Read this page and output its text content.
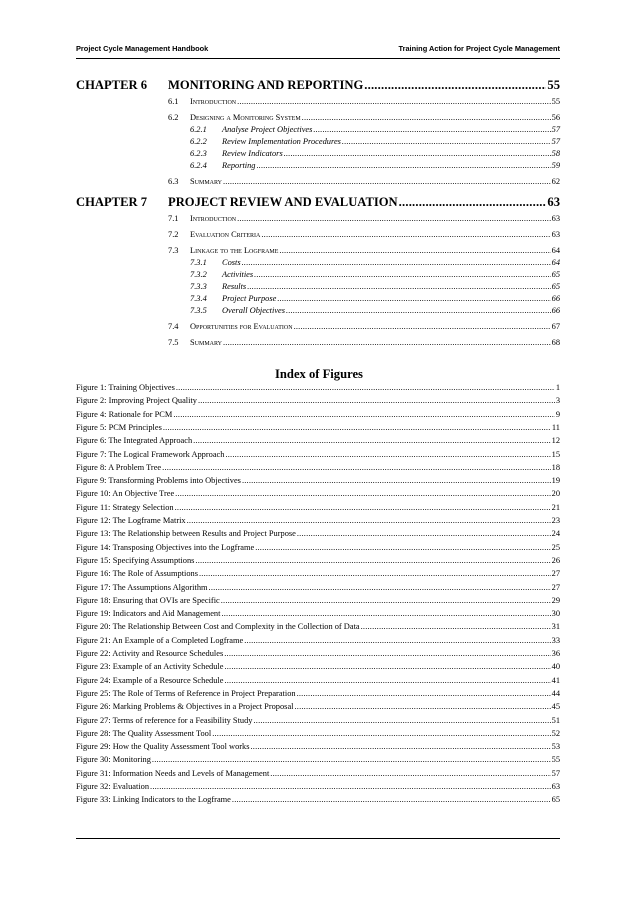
Project Cycle Management Handbook	Training Action for Project Cycle Management
CHAPTER 6 MONITORING AND REPORTING .....	55
6.1 Introduction .....	55
6.2 Designing a Monitoring System .....	56
6.2.1 Analyse Project Objectives .....	57
6.2.2 Review Implementation Procedures .....	57
6.2.3 Review Indicators .....	58
6.2.4 Reporting .....	59
6.3 Summary .....	62
CHAPTER 7 PROJECT REVIEW AND EVALUATION .....	63
7.1 Introduction .....	63
7.2 Evaluation Criteria .....	63
7.3 Linkage to the Logframe .....	64
7.3.1 Costs .....	64
7.3.2 Activities .....	65
7.3.3 Results .....	65
7.3.4 Project Purpose .....	66
7.3.5 Overall Objectives .....	66
7.4 Opportunities for Evaluation .....	67
7.5 Summary .....	68
Index of Figures
Figure 1: Training Objectives .....	1
Figure 2: Improving Project Quality .....	3
Figure 4: Rationale for PCM .....	9
Figure 5: PCM Principles .....	11
Figure 6: The Integrated Approach .....	12
Figure 7: The Logical Framework Approach .....	15
Figure 8: A Problem Tree .....	18
Figure 9: Transforming Problems into Objectives .....	19
Figure 10: An Objective Tree .....	20
Figure 11: Strategy Selection .....	21
Figure 12: The Logframe Matrix .....	23
Figure 13: The Relationship between Results and Project Purpose .....	24
Figure 14: Transposing Objectives into the Logframe .....	25
Figure 15: Specifying Assumptions .....	26
Figure 16: The Role of Assumptions .....	27
Figure 17: The Assumptions Algorithm .....	27
Figure 18: Ensuring that OVIs are Specific .....	29
Figure 19: Indicators and Aid Management .....	30
Figure 20: The Relationship Between Cost and Complexity in the Collection of Data .....	31
Figure 21: An Example of a Completed Logframe .....	33
Figure 22: Activity and Resource Schedules .....	36
Figure 23: Example of an Activity Schedule .....	40
Figure 24: Example of a Resource Schedule .....	41
Figure 25: The Role of Terms of Reference in Project Preparation .....	44
Figure 26: Marking Problems & Objectives in a Project Proposal .....	45
Figure 27: Terms of reference for a Feasibility Study .....	51
Figure 28: The Quality Assessment Tool .....	52
Figure 29: How the Quality Assessment Tool works .....	53
Figure 30: Monitoring .....	55
Figure 31: Information Needs and Levels of Management .....	57
Figure 32: Evaluation .....	63
Figure 33: Linking Indicators to the Logframe .....	65
